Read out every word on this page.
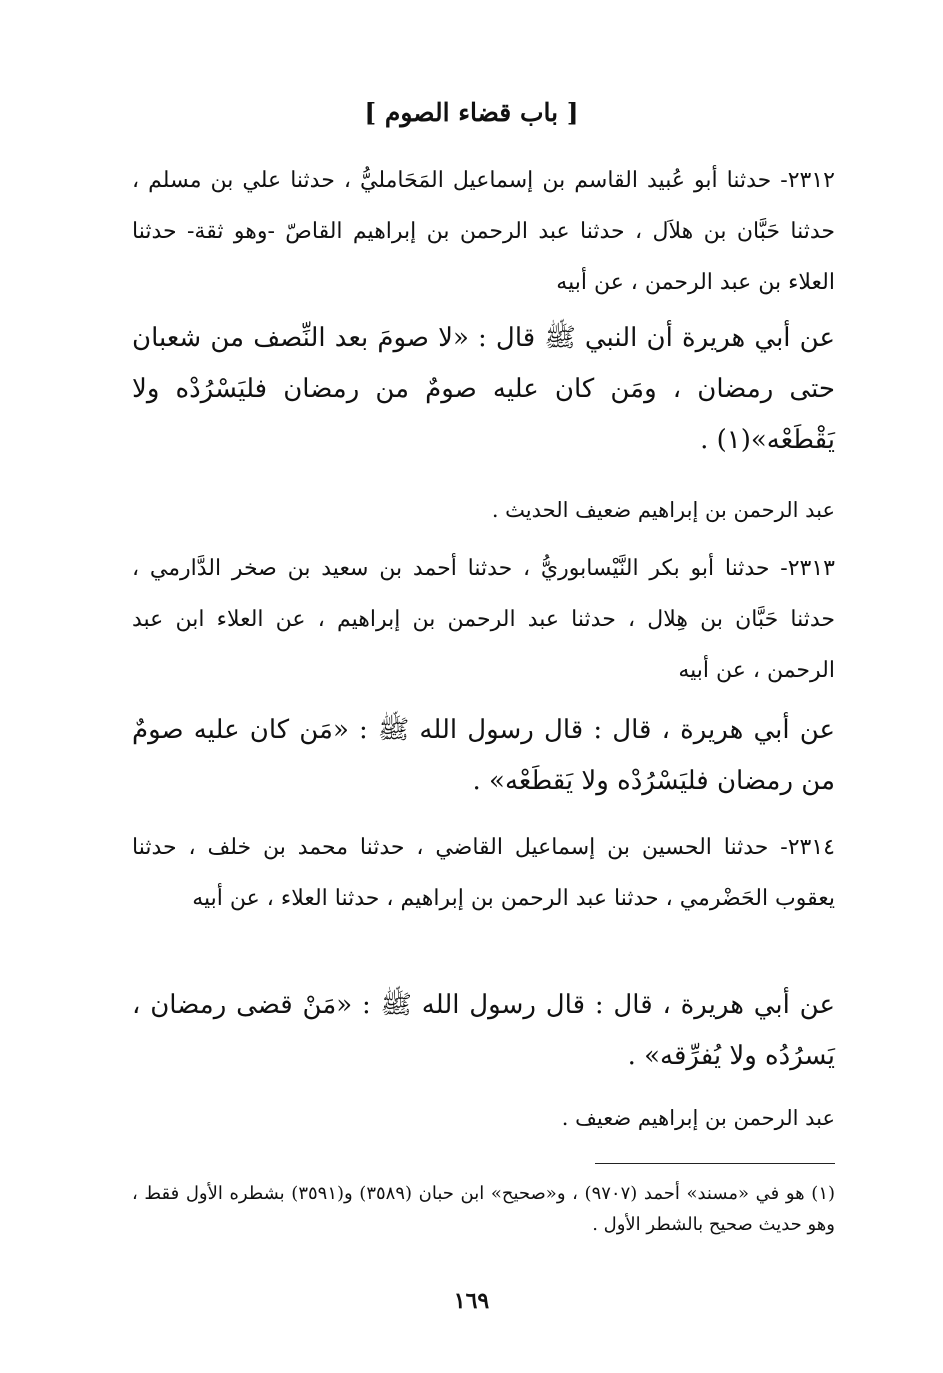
[ باب قضاء الصوم ]
٢٣١٢- حدثنا أبو عُبيد القاسم بن إسماعيل المَحَامليُّ ، حدثنا علي بن مسلم ، حدثنا حَبَّان بن هلاَل ، حدثنا عبد الرحمن بن إبراهيم القاصّ -وهو ثقة- حدثنا العلاء بن عبد الرحمن ، عن أبيه
عن أبي هريرة أن النبي ﷺ قال : «لا صومَ بعد النِّصف من شعبان حتى رمضان ، ومَن كان عليه صومٌ من رمضان فليَسْرُدْه ولا يَقْطَعْه»(١) .
عبد الرحمن بن إبراهيم ضعيف الحديث .
٢٣١٣- حدثنا أبو بكر النَّيْسابوريُّ ، حدثنا أحمد بن سعيد بن صخر الدَّارمي ، حدثنا حَبَّان بن هِلال ، حدثنا عبد الرحمن بن إبراهيم ، عن العلاء ابن عبد الرحمن ، عن أبيه
عن أبي هريرة ، قال : قال رسول الله ﷺ : «مَن كان عليه صومٌ من رمضان فليَسْرُدْه ولا يَقطَعْه» .
٢٣١٤- حدثنا الحسين بن إسماعيل القاضي ، حدثنا محمد بن خلف ، حدثنا يعقوب الحَضْرمي ، حدثنا عبد الرحمن بن إبراهيم ، حدثنا العلاء ، عن أبيه
عن أبي هريرة ، قال : قال رسول الله ﷺ : «مَنْ قضى رمضان ، يَسرُدُه ولا يُفرِّقه» .
عبد الرحمن بن إبراهيم ضعيف .
(١) هو في «مسند» أحمد (٩٧٠٧) ، و«صحيح» ابن حبان (٣٥٨٩) و(٣٥٩١) بشطره الأول فقط ، وهو حديث صحيح بالشطر الأول .
١٦٩
